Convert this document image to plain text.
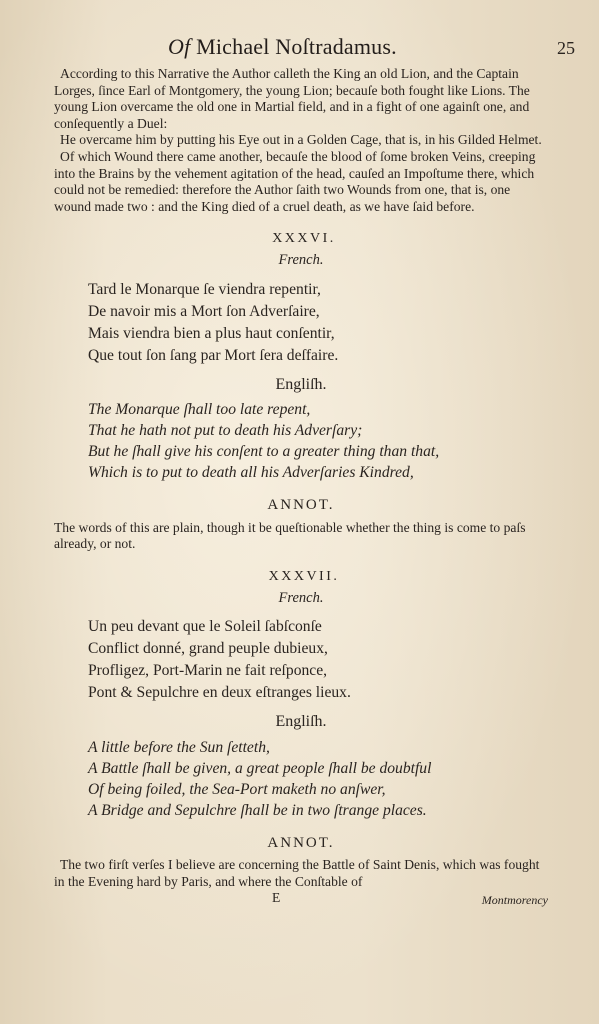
Of Michael Noſtradamus.	25

According to this Narrative the Author calleth the King an old Lion, and the Captain Lorges, ſince Earl of Montgomery, the young Lion; becauſe both fought like Lions. The young Lion overcame the old one in Martial field, and in a fight of one againſt one, and conſequently a Duel:

He overcame him by putting his Eye out in a Golden Cage, that is, in his Gilded Helmet.

Of which Wound there came another, becauſe the blood of ſome broken Veins, creeping into the Brains by the vehement agitation of the head, cauſed an Impoſtume there, which could not be remedied: therefore the Author ſaith two Wounds from one, that is, one wound made two : and the King died of a cruel death, as we have ſaid before.

XXXVI.
French.

Tard le Monarque ſe viendra repentir,

De navoir mis a Mort ſon Adverſaire,

Mais viendra bien a plus haut conſentir,

Que tout ſon ſang par Mort ſera deſfaire.

Engliſh.

The Monarque ſhall too late repent,

That he hath not put to death his Adverſary;

But he ſhall give his conſent to a greater thing than that,

Which is to put to death all his Adverſaries Kindred,

ANNOT.

The words of this are plain, though it be queſtionable whether the thing is come to paſs already, or not.

XXXVII.
French.

Un peu devant que le Soleil ſabſconſe

Conflict donné, grand peuple dubieux,

Profligez, Port-Marin ne fait reſponce,

Pont & Sepulchre en deux eſtranges lieux.

Engliſh.

A little before the Sun ſetteth,

A Battle ſhall be given, a great people ſhall be doubtful

Of being foiled, the Sea-Port maketh no anſwer,

A Bridge and Sepulchre ſhall be in two ſtrange places.

ANNOT.

The two firſt verſes I believe are concerning the Battle of Saint Denis, which was fought in the Evening hard by Paris, and where the Conſtable of

E	Montmorency
